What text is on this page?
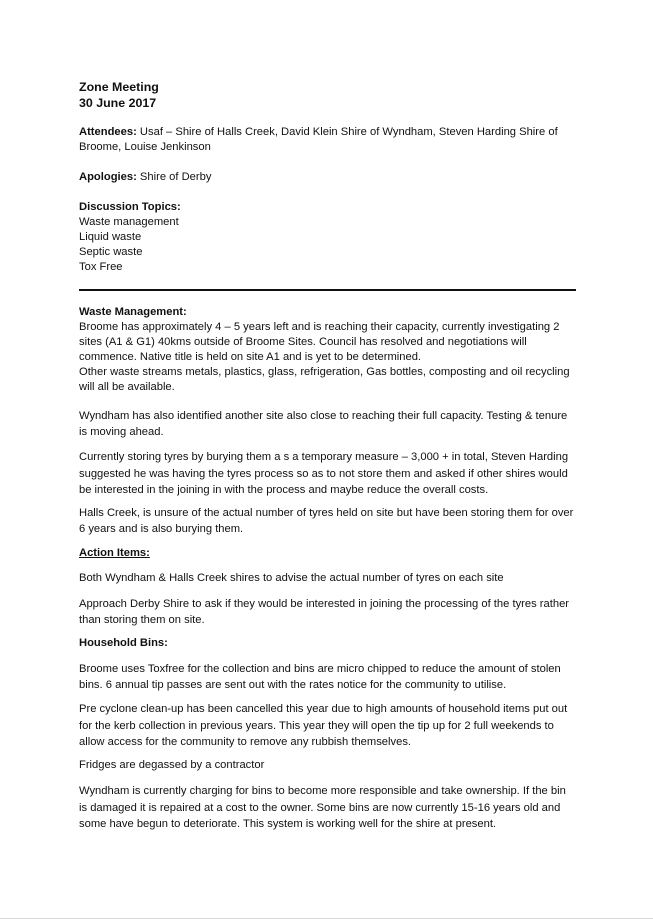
Zone Meeting
30 June 2017
Attendees: Usaf – Shire of Halls Creek, David Klein Shire of Wyndham, Steven Harding Shire of
Broome, Louise Jenkinson
Apologies: Shire of Derby
Discussion Topics:
Waste management
Liquid waste
Septic waste
Tox Free
Waste Management:
Broome has approximately 4 – 5 years left and is reaching their capacity, currently investigating 2
sites (A1 & G1) 40kms outside of Broome Sites. Council has resolved and negotiations will
commence. Native title is held on site A1 and is yet to be determined.
Other waste streams metals, plastics, glass, refrigeration, Gas bottles, composting and oil recycling
will all be available.
Wyndham has also identified another site also close to reaching their full capacity. Testing & tenure
is moving ahead.
Currently storing tyres by burying them a s a temporary measure – 3,000 + in total, Steven Harding
suggested he was having the tyres process so as to not store them and asked if other shires would
be interested in the joining in with the process and maybe reduce the overall costs.
Halls Creek, is unsure of the actual number of tyres held on site but have been storing them for over
6 years and is also burying them.
Action Items:
Both Wyndham & Halls Creek shires to advise the actual number of tyres on each site
Approach Derby Shire to ask if they would be interested in joining the processing of the tyres rather
than storing them on site.
Household Bins:
Broome uses Toxfree for the collection and bins are micro chipped to reduce the amount of stolen
bins. 6 annual tip passes are sent out with the rates notice for the community to utilise.
Pre cyclone clean-up has been cancelled this year due to high amounts of household items put out
for the kerb collection in previous years. This year they will open the tip up for 2 full weekends to
allow access for the community to remove any rubbish themselves.
Fridges are degassed by a contractor
Wyndham is currently charging for bins to become more responsible and take ownership. If the bin
is damaged it is repaired at a cost to the owner. Some bins are now currently 15-16 years old and
some have begun to deteriorate. This system is working well for the shire at present.
